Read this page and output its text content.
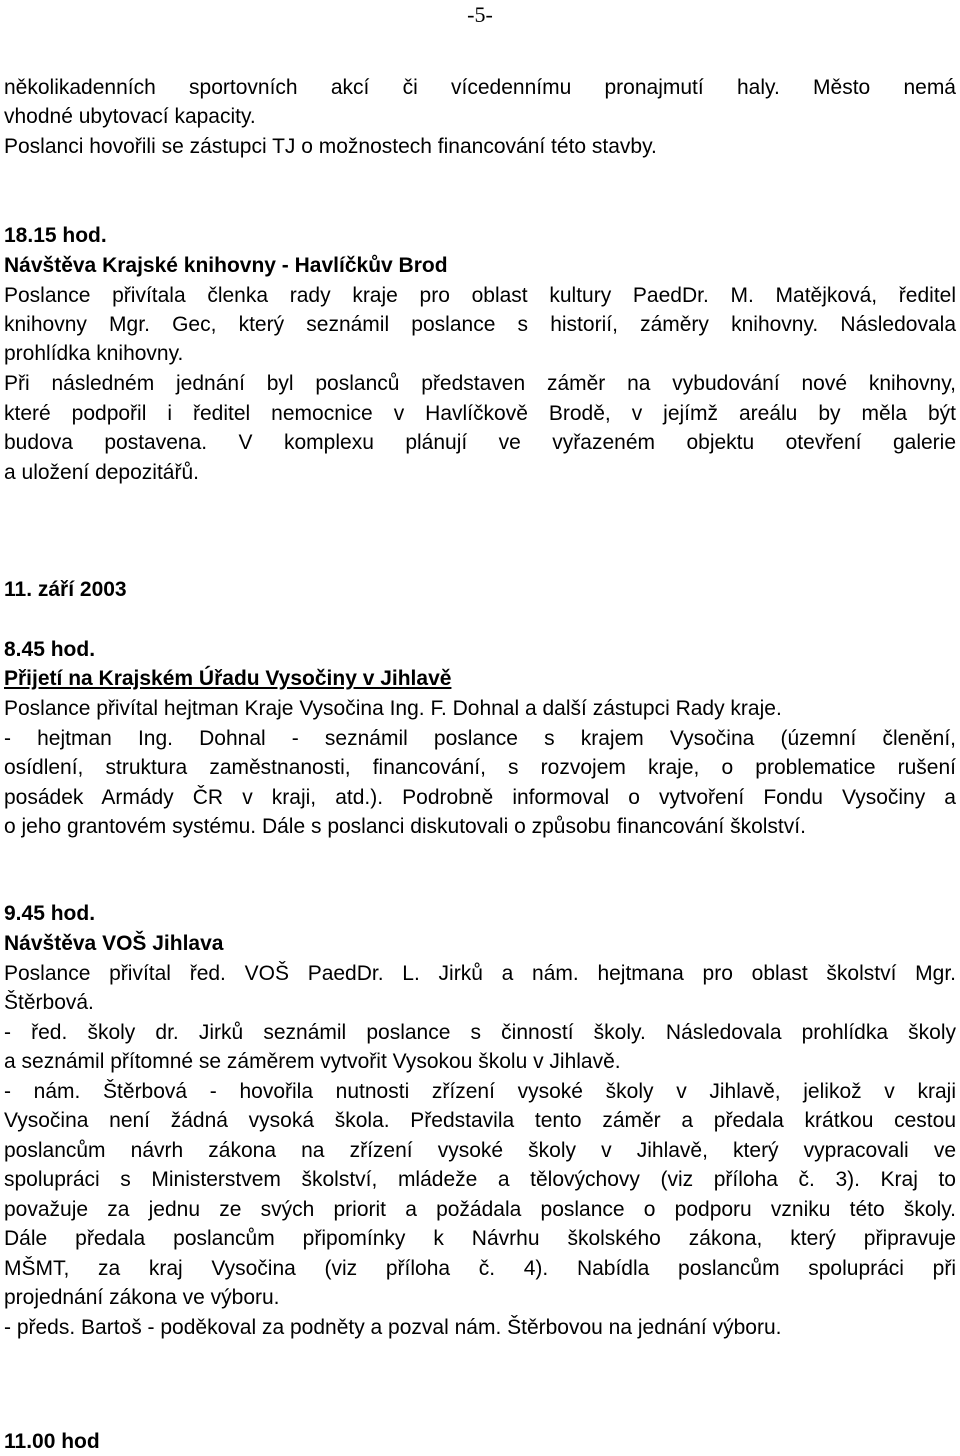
-5-
několikadenních sportovních akcí či vícedennímu pronajmutí haly. Město nemá
vhodné ubytovací kapacity.
Poslanci hovořili se zástupci TJ o možnostech financování této stavby.
18.15 hod.
Návštěva Krajské knihovny - Havlíčkův Brod
Poslance přivítala členka rady kraje pro oblast kultury PaedDr. M. Matějková, ředitel
knihovny Mgr. Gec, který seznámil poslance s historií, záměry knihovny. Následovala
prohlídka knihovny.
Při následném jednání byl poslanců představen záměr na vybudování nové knihovny,
které podpořil i ředitel nemocnice v Havlíčkově Brodě, v jejímž areálu by měla být
budova postavena. V komplexu plánují ve vyřazeném objektu otevření galerie
a uložení depozitářů.
11. září 2003
8.45 hod.
Přijetí na Krajském Úřadu Vysočiny v Jihlavě
Poslance přivítal hejtman Kraje Vysočina Ing. F. Dohnal a další zástupci Rady kraje.
- hejtman Ing. Dohnal - seznámil poslance s krajem Vysočina (územní členění,
osídlení, struktura zaměstnanosti, financování, s rozvojem kraje, o problematice rušení
posádek Armády ČR v kraji, atd.). Podrobně informoval o vytvoření Fondu Vysočiny a
o jeho grantovém systému. Dále s poslanci diskutovali o způsobu financování školství.
9.45 hod.
Návštěva VOŠ Jihlava
Poslance přivítal řed. VOŠ PaedDr. L. Jirků a nám. hejtmana pro oblast školství Mgr.
Štěrbová.
- řed. školy dr. Jirků seznámil poslance s činností školy. Následovala prohlídka školy
a seznámil přítomné se záměrem vytvořit Vysokou školu v Jihlavě.
- nám. Štěrbová - hovořila nutnosti zřízení vysoké školy v Jihlavě, jelikož v kraji
Vysočina není žádná vysoká škola. Představila tento záměr a předala krátkou cestou
poslancům návrh zákona na zřízení vysoké školy v Jihlavě, který vypracovali ve
spolupráci s Ministerstvem školství, mládeže a tělovýchovy (viz příloha č. 3). Kraj to
považuje za jednu ze svých priorit a požádala poslance o podporu vzniku této školy.
Dále předala poslancům připomínky k Návrhu školského zákona, který připravuje
MŠMT, za kraj Vysočina (viz příloha č. 4). Nabídla poslancům spolupráci při
projednání zákona ve výboru.
- předs. Bartoš - poděkoval za podněty a pozval nám. Štěrbovou na jednání výboru.
11.00 hod
